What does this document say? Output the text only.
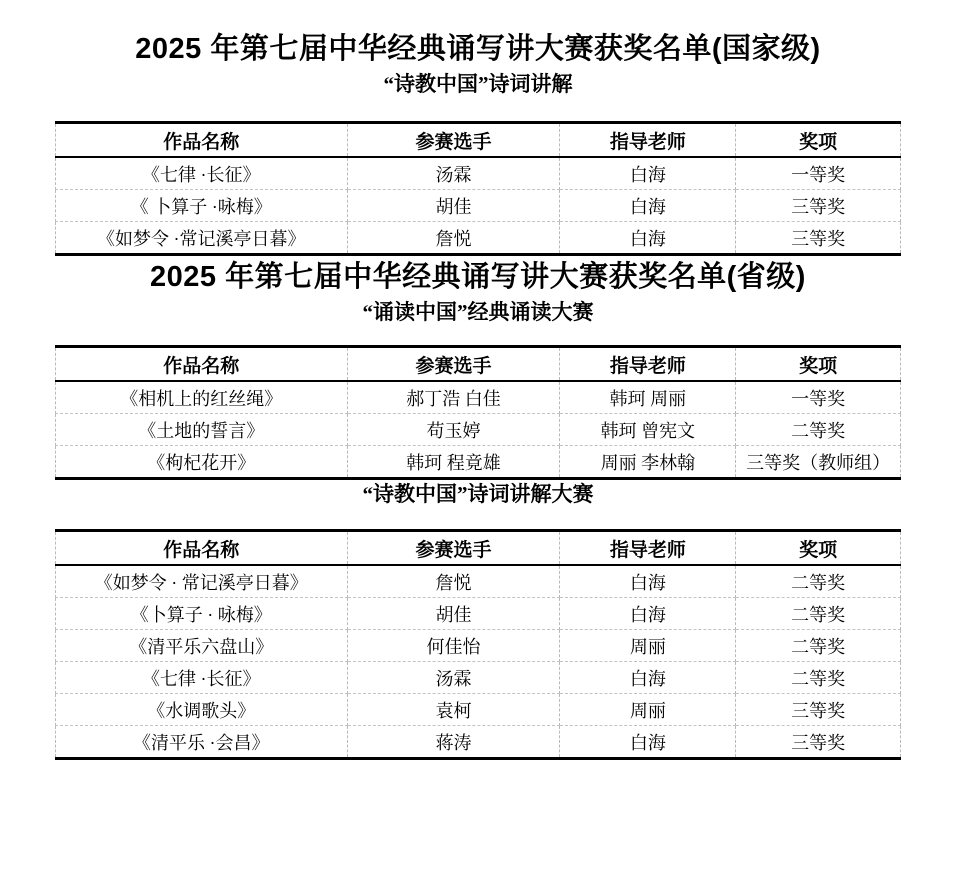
2025 年第七届中华经典诵写讲大赛获奖名单(国家级)
“诗教中国”诗词讲解
作品名称	参赛选手	指导老师	奖项
《七律 ·长征》	汤霖	白海	一等奖
《 卜算子 ·咏梅》	胡佳	白海	三等奖
《如梦令 ·常记溪亭日暮》	詹悦	白海	三等奖
2025 年第七届中华经典诵写讲大赛获奖名单(省级)
“诵读中国”经典诵读大赛
作品名称	参赛选手	指导老师	奖项
《相机上的红丝绳》	郝丁浩 白佳	韩珂 周丽	一等奖
《土地的誓言》	苟玉婷	韩珂 曾宪文	二等奖
《枸杞花开》	韩珂 程竟雄	周丽 李林翰	三等奖（教师组）
“诗教中国”诗词讲解大赛
作品名称	参赛选手	指导老师	奖项
《如梦令 · 常记溪亭日暮》	詹悦	白海	二等奖
《卜算子 · 咏梅》	胡佳	白海	二等奖
《清平乐六盘山》	何佳怡	周丽	二等奖
《七律 ·长征》	汤霖	白海	二等奖
《水调歌头》	袁柯	周丽	三等奖
《清平乐 ·会昌》	蒋涛	白海	三等奖
